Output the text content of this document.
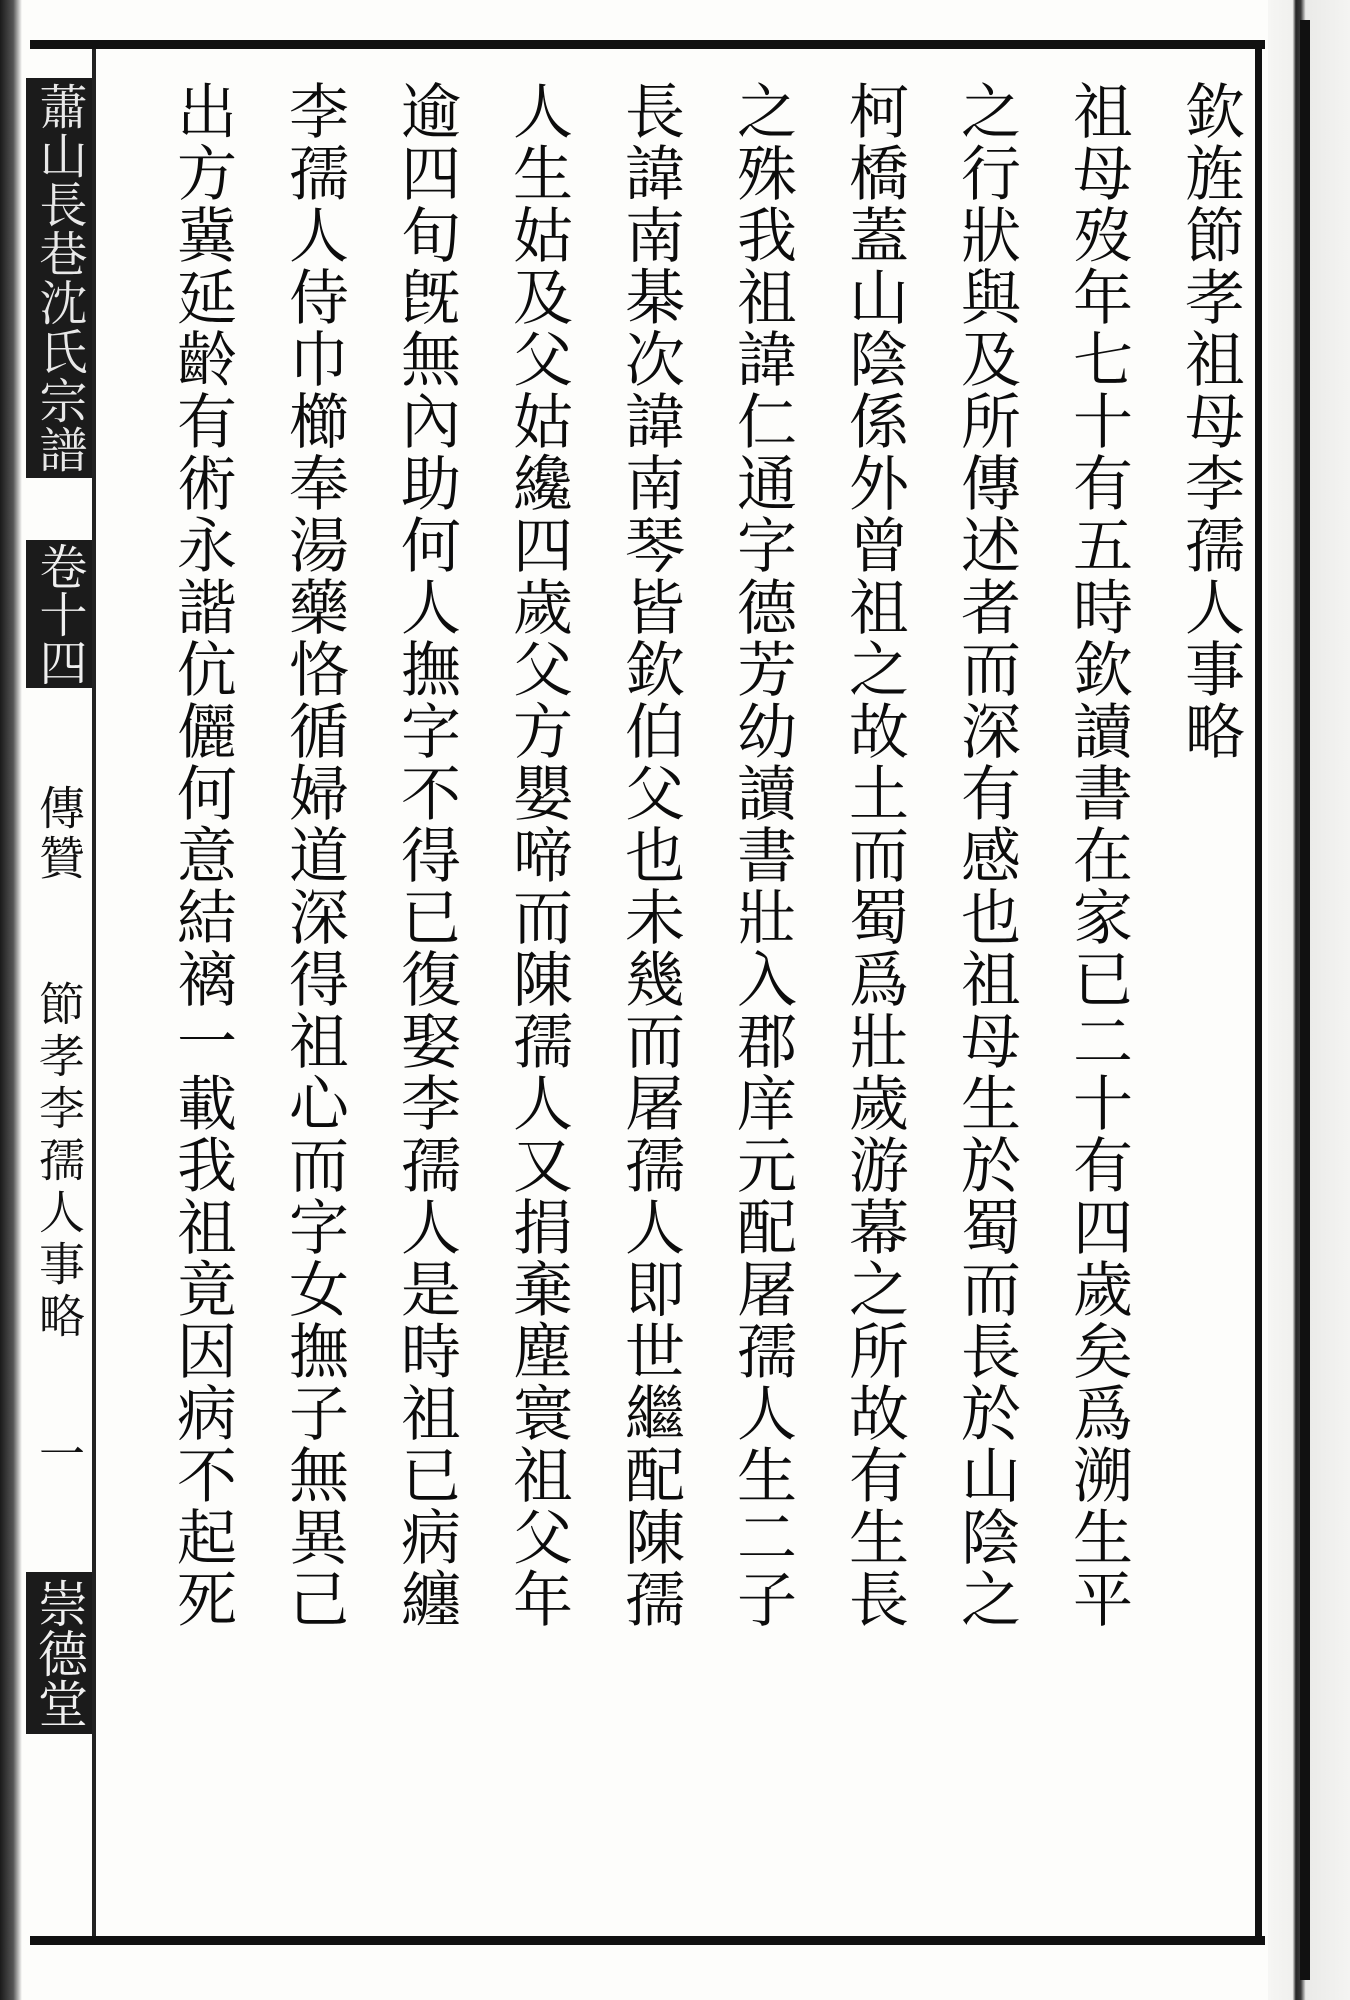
欽旌節孝祖母李孺人事略
祖母歿年七十有五時欽讀書在家已二十有四歲矣爲溯生平
之行狀與及所傳述者而深有感也祖母生於蜀而長於山陰之
柯橋蓋山陰係外曾祖之故土而蜀爲壯歲游幕之所故有生長
之殊我祖諱仁通字德芳幼讀書壯入郡庠元配屠孺人生二子
長諱南棊次諱南琴皆欽伯父也未幾而屠孺人即世繼配陳孺
人生姑及父姑纔四歲父方嬰啼而陳孺人又捐棄塵寰祖父年
逾四旬旣無內助何人撫字不得已復娶李孺人是時祖已病纏
李孺人侍巾櫛奉湯藥恪循婦道深得祖心而字女撫子無異己
出方冀延齡有術永諧伉儷何意結褵一載我祖竟因病不起死
蕭山長巷沈氏宗譜 卷十四 傳贊 節孝李孺人事略 一 崇德堂
